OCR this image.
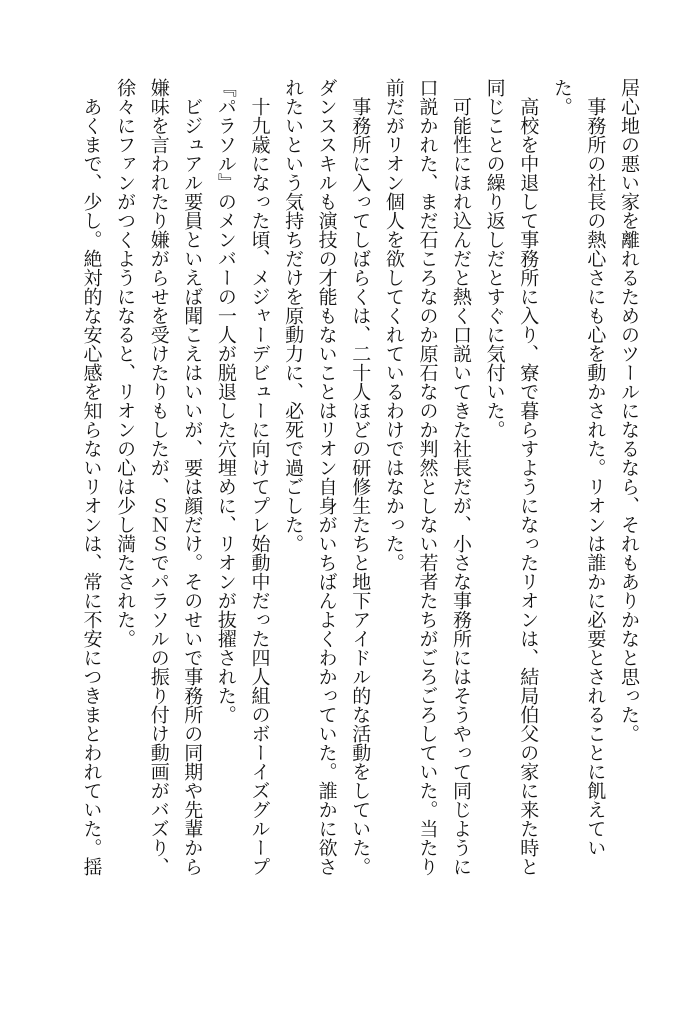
居心地の悪い家を離れるためのツールになるなら、それもありかなと思った。

事務所の社長の熱心さにも心を動かされた。リオンは誰かに必要とされることに飢えてい

た。

高校を中退して事務所に入り、寮で暮らすようになったリオンは、結局伯父の家に来た時と

同じことの繰り返しだとすぐに気付いた。

可能性にほれ込んだと熱く口説いてきた社長だが、小さな事務所にはそうやって同じように

口説かれた、まだ石ころなのか原石なのか判然としない若者たちがごろごろしていた。当たり

前だがリオン個人を欲してくれているわけではなかった。

事務所に入ってしばらくは、二十人ほどの研修生たちと地下アイドル的な活動をしていた。

ダンススキルも演技の才能もないことはリオン自身がいちばんよくわかっていた。誰かに欲さ

れたいという気持ちだけを原動力に、必死で過ごした。

十九歳になった頃、メジャーデビューに向けてプレ始動中だった四人組のボーイズグループ

『パラソル』のメンバーの一人が脱退した穴埋めに、リオンが抜擢された。

ビジュアル要員といえば聞こえはいいが、要は顔だけ。そのせいで事務所の同期や先輩から

嫌味を言われたり嫌がらせを受けたりもしたが、ＳＮＳでパラソルの振り付け動画がバズり、

徐々にファンがつくようになると、リオンの心は少し満たされた。

あくまで、少し。絶対的な安心感を知らないリオンは、常に不安につきまとわれていた。揺
